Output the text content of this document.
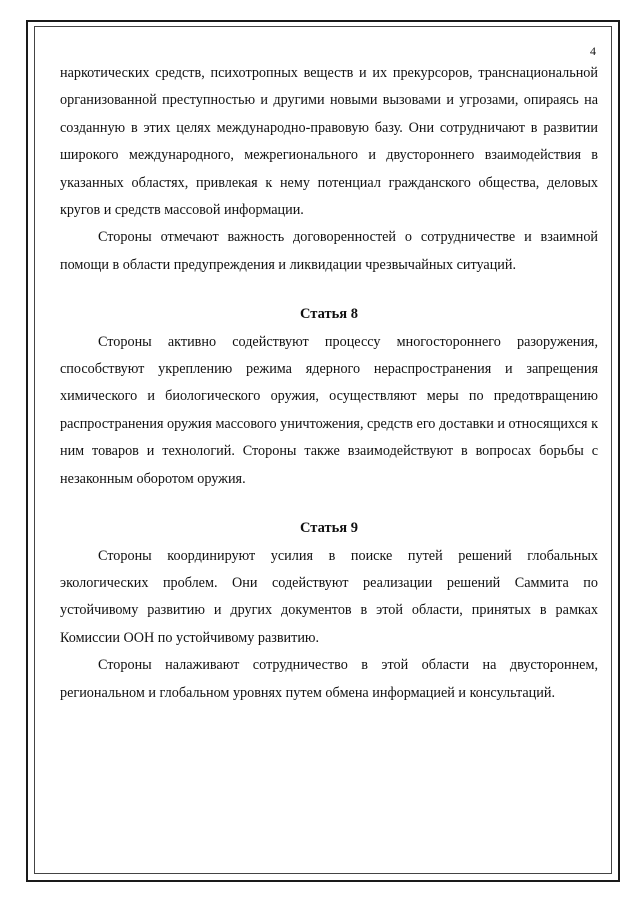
4

наркотических средств, психотропных веществ и их прекурсоров, транснациональной организованной преступностью и другими новыми вызовами и угрозами, опираясь на созданную в этих целях международно-правовую базу. Они сотрудничают в развитии широкого международного, межрегионального и двустороннего взаимодействия в указанных областях, привлекая к нему потенциал гражданского общества, деловых кругов и средств массовой информации.

Стороны отмечают важность договоренностей о сотрудничестве и взаимной помощи в области предупреждения и ликвидации чрезвычайных ситуаций.

Статья 8

Стороны активно содействуют процессу многостороннего разоружения, способствуют укреплению режима ядерного нераспространения и запрещения химического и биологического оружия, осуществляют меры по предотвращению распространения оружия массового уничтожения, средств его доставки и относящихся к ним товаров и технологий. Стороны также взаимодействуют в вопросах борьбы с незаконным оборотом оружия.

Статья 9

Стороны координируют усилия в поиске путей решений глобальных экологических проблем. Они содействуют реализации решений Саммита по устойчивому развитию и других документов в этой области, принятых в рамках Комиссии ООН по устойчивому развитию.

Стороны налаживают сотрудничество в этой области на двустороннем, региональном и глобальном уровнях путем обмена информацией и консультаций.
